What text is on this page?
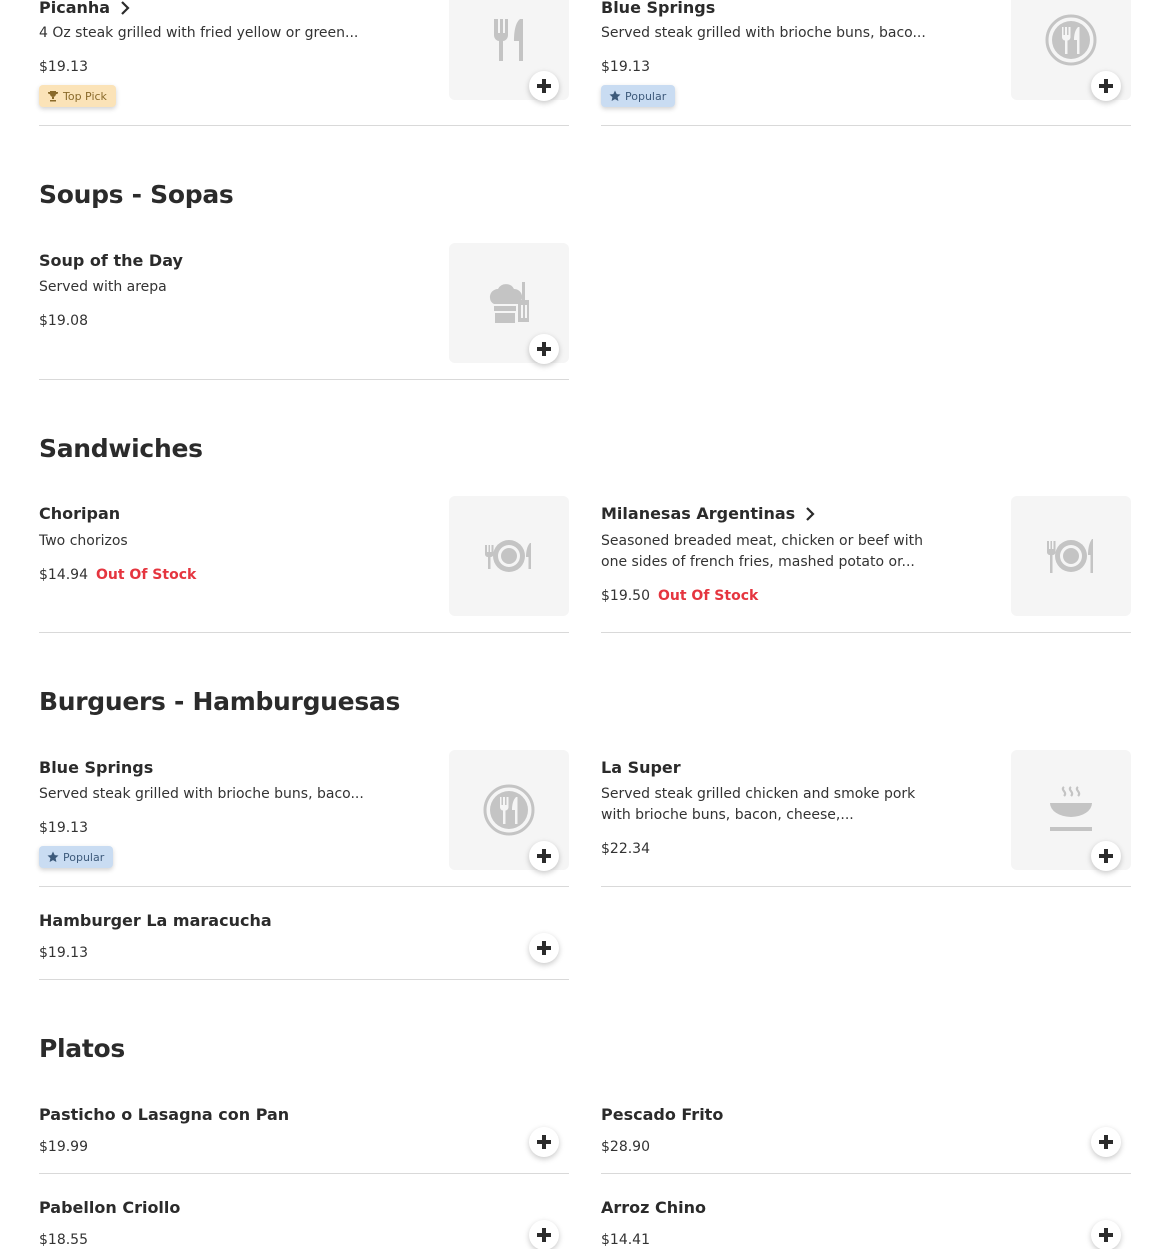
Picanha
4 Oz steak grilled with fried yellow or green...
$19.13
Top Pick
Blue Springs
Served steak grilled with brioche buns, baco...
$19.13
Popular
Soups - Sopas
Soup of the Day
Served with arepa
$19.08
Sandwiches
Choripan
Two chorizos
$14.94 Out Of Stock
Milanesas Argentinas
Seasoned breaded meat, chicken or beef with one sides of french fries, mashed potato or...
$19.50 Out Of Stock
Burguers - Hamburguesas
Blue Springs
Served steak grilled with brioche buns, baco...
$19.13
Popular
La Super
Served steak grilled chicken and smoke pork with brioche buns, bacon, cheese,...
$22.34
Hamburger La maracucha
$19.13
Platos
Pasticho o Lasagna con Pan
$19.99
Pescado Frito
$28.90
Pabellon Criollo
$18.55
Arroz Chino
$14.41
